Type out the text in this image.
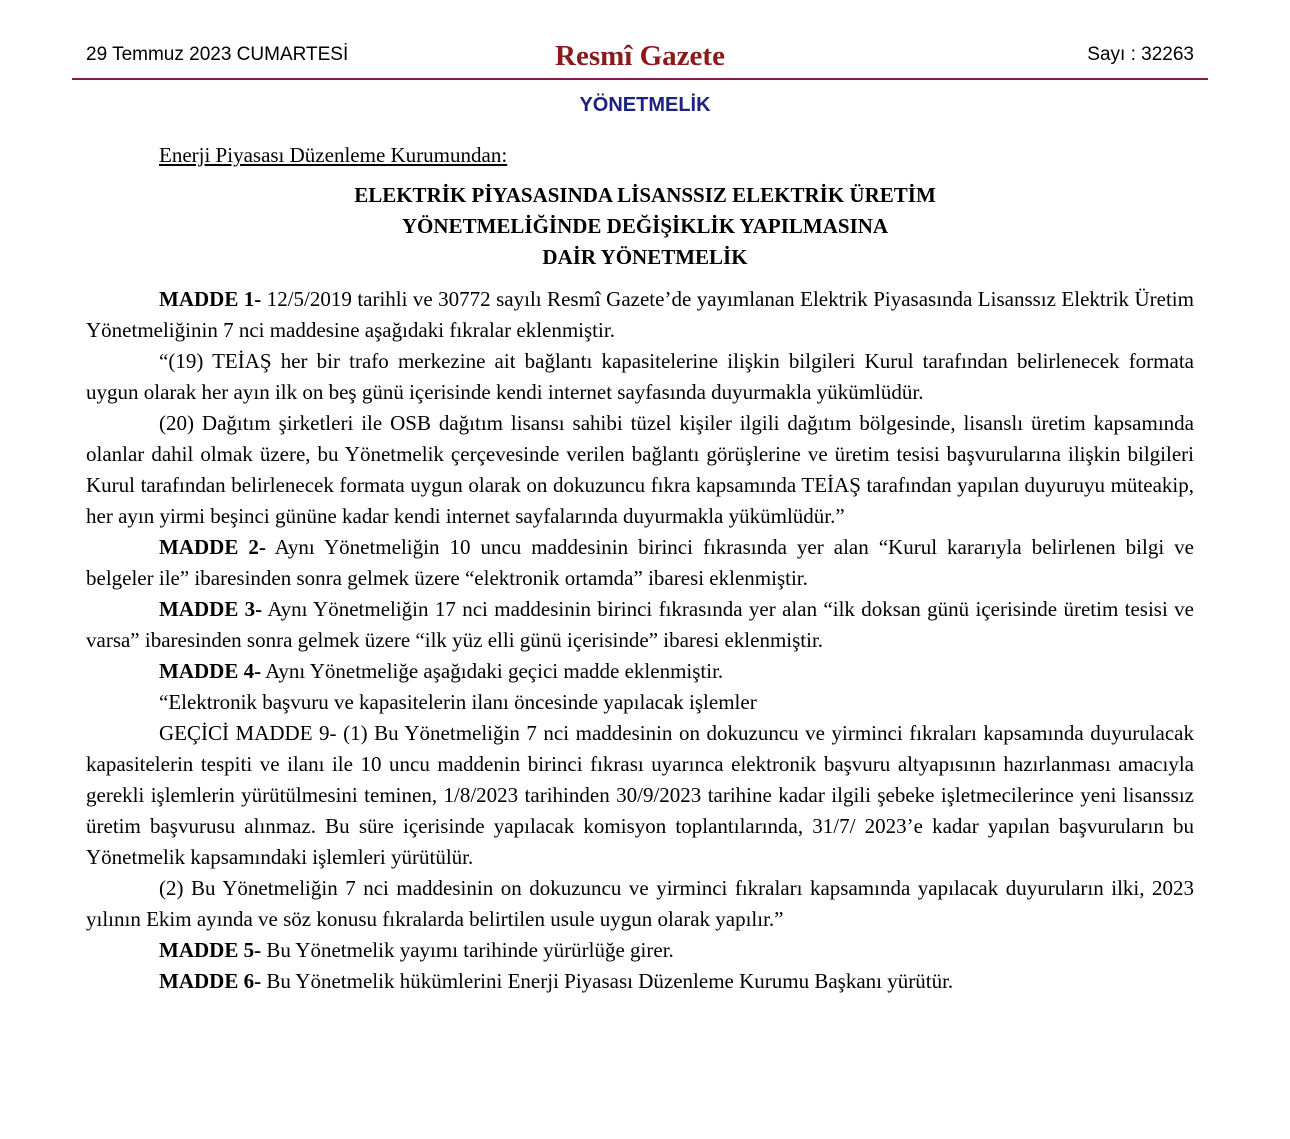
29 Temmuz 2023 CUMARTESİ	Resmî Gazete	Sayı : 32263
YÖNETMELİK
Enerji Piyasası Düzenleme Kurumundan:
ELEKTRİK PİYASASINDA LİSANSSIZ ELEKTRİK ÜRETİM
YÖNETMELİĞİNDE DEĞİŞİKLİK YAPILMASINA
DAİR YÖNETMELİK

MADDE 1- 12/5/2019 tarihli ve 30772 sayılı Resmî Gazete’de yayımlanan Elektrik Piyasasında Lisanssız Elektrik Üretim Yönetmeliğinin 7 nci maddesine aşağıdaki fıkralar eklenmiştir.

“(19) TEİAŞ her bir trafo merkezine ait bağlantı kapasitelerine ilişkin bilgileri Kurul tarafından belirlenecek formata uygun olarak her ayın ilk on beş günü içerisinde kendi internet sayfasında duyurmakla yükümlüdür.

(20) Dağıtım şirketleri ile OSB dağıtım lisansı sahibi tüzel kişiler ilgili dağıtım bölgesinde, lisanslı üretim kapsamında olanlar dahil olmak üzere, bu Yönetmelik çerçevesinde verilen bağlantı görüşlerine ve üretim tesisi başvurularına ilişkin bilgileri Kurul tarafından belirlenecek formata uygun olarak on dokuzuncu fıkra kapsamında TEİAŞ tarafından yapılan duyuruyu müteakip, her ayın yirmi beşinci gününe kadar kendi internet sayfalarında duyurmakla yükümlüdür.”

MADDE 2- Aynı Yönetmeliğin 10 uncu maddesinin birinci fıkrasında yer alan “Kurul kararıyla belirlenen bilgi ve belgeler ile” ibaresinden sonra gelmek üzere “elektronik ortamda” ibaresi eklenmiştir.

MADDE 3- Aynı Yönetmeliğin 17 nci maddesinin birinci fıkrasında yer alan “ilk doksan günü içerisinde üretim tesisi ve varsa” ibaresinden sonra gelmek üzere “ilk yüz elli günü içerisinde” ibaresi eklenmiştir.

MADDE 4- Aynı Yönetmeliğe aşağıdaki geçici madde eklenmiştir.

“Elektronik başvuru ve kapasitelerin ilanı öncesinde yapılacak işlemler

GEÇİCİ MADDE 9- (1) Bu Yönetmeliğin 7 nci maddesinin on dokuzuncu ve yirminci fıkraları kapsamında duyurulacak kapasitelerin tespiti ve ilanı ile 10 uncu maddenin birinci fıkrası uyarınca elektronik başvuru altyapısının hazırlanması amacıyla gerekli işlemlerin yürütülmesini teminen, 1/8/2023 tarihinden 30/9/2023 tarihine kadar ilgili şebeke işletmecilerince yeni lisanssız üretim başvurusu alınmaz. Bu süre içerisinde yapılacak komisyon toplantılarında, 31/7/ 2023’e kadar yapılan başvuruların bu Yönetmelik kapsamındaki işlemleri yürütülür.

(2) Bu Yönetmeliğin 7 nci maddesinin on dokuzuncu ve yirminci fıkraları kapsamında yapılacak duyuruların ilki, 2023 yılının Ekim ayında ve söz konusu fıkralarda belirtilen usule uygun olarak yapılır.”

MADDE 5- Bu Yönetmelik yayımı tarihinde yürürlüğe girer.

MADDE 6- Bu Yönetmelik hükümlerini Enerji Piyasası Düzenleme Kurumu Başkanı yürütür.
